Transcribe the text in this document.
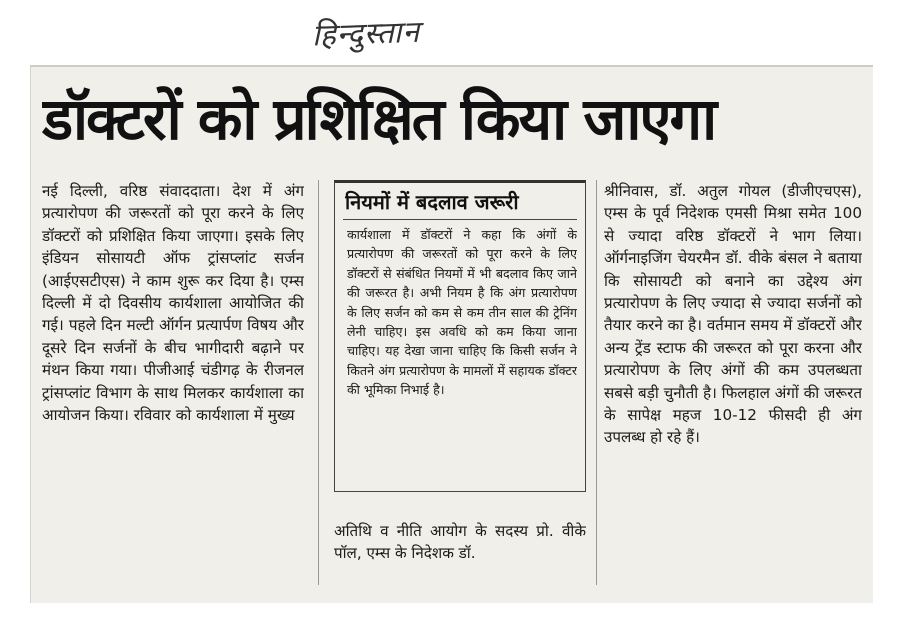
हिन्दुस्तान
डॉक्टरों को प्रशिक्षित किया जाएगा

नई दिल्ली, वरिष्ठ संवाददाता। देश में अंग प्रत्यारोपण की जरूरतों को पूरा करने के लिए डॉक्टरों को प्रशिक्षित किया जाएगा। इसके लिए इंडियन सोसायटी ऑफ ट्रांसप्लांट सर्जन (आईएसटीएस) ने काम शुरू कर दिया है। एम्स दिल्ली में दो दिवसीय कार्यशाला आयोजित की गई। पहले दिन मल्टी ऑर्गन प्रत्यार्पण विषय और दूसरे दिन सर्जनों के बीच भागीदारी बढ़ाने पर मंथन किया गया। पीजीआई चंडीगढ़ के रीजनल ट्रांसप्लांट विभाग के साथ मिलकर कार्यशाला का आयोजन किया। रविवार को कार्यशाला में मुख्य

नियमों में बदलाव जरूरी
कार्यशाला में डॉक्टरों ने कहा कि अंगों के प्रत्यारोपण की जरूरतों को पूरा करने के लिए डॉक्टरों से संबंधित नियमों में भी बदलाव किए जाने की जरूरत है। अभी नियम है कि अंग प्रत्यारोपण के लिए सर्जन को कम से कम तीन साल की ट्रेनिंग लेनी चाहिए। इस अवधि को कम किया जाना चाहिए। यह देखा जाना चाहिए कि किसी सर्जन ने कितने अंग प्रत्यारोपण के मामलों में सहायक डॉक्टर की भूमिका निभाई है।

अतिथि व नीति आयोग के सदस्य प्रो. वीके पॉल, एम्स के निदेशक डॉ.

श्रीनिवास, डॉ. अतुल गोयल (डीजीएचएस), एम्स के पूर्व निदेशक एमसी मिश्रा समेत 100 से ज्यादा वरिष्ठ डॉक्टरों ने भाग लिया। ऑर्गनाइजिंग चेयरमैन डॉ. वीके बंसल ने बताया कि सोसायटी को बनाने का उद्देश्य अंग प्रत्यारोपण के लिए ज्यादा से ज्यादा सर्जनों को तैयार करने का है। वर्तमान समय में डॉक्टरों और अन्य ट्रेंड स्टाफ की जरूरत को पूरा करना और प्रत्यारोपण के लिए अंगों की कम उपलब्धता सबसे बड़ी चुनौती है। फिलहाल अंगों की जरूरत के सापेक्ष महज 10-12 फीसदी ही अंग उपलब्ध हो रहे हैं।
